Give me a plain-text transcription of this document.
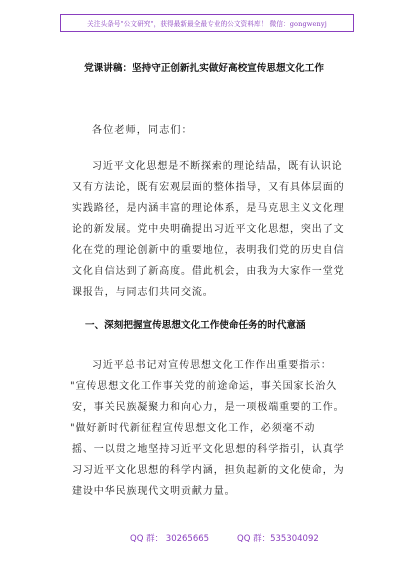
关注头条号"公文研究"，获得最新最全最专业的公文资料库！ 微信：gongwenyj
党课讲稿：坚持守正创新扎实做好高校宣传思想文化工作
各位老师，同志们：
习近平文化思想是不断探索的理论结晶，既有认识论
又有方法论，既有宏观层面的整体指导，又有具体层面的
实践路径，是内涵丰富的理论体系，是马克思主义文化理
论的新发展。党中央明确提出习近平文化思想，突出了文
化在党的理论创新中的重要地位，表明我们党的历史自信
文化自信达到了新高度。借此机会，由我为大家作一堂党
课报告，与同志们共同交流。
一、深刻把握宣传思想文化工作使命任务的时代意涵
习近平总书记对宣传思想文化工作作出重要指示：
"宣传思想文化工作事关党的前途命运，事关国家长治久
安，事关民族凝聚力和向心力，是一项极端重要的工作。
"做好新时代新征程宣传思想文化工作，必须毫不动
摇、一以贯之地坚持习近平文化思想的科学指引，认真学
习习近平文化思想的科学内涵，担负起新的文化使命，为
建设中华民族现代文明贡献力量。
QQ 群： 30265665	QQ 群：535304092
